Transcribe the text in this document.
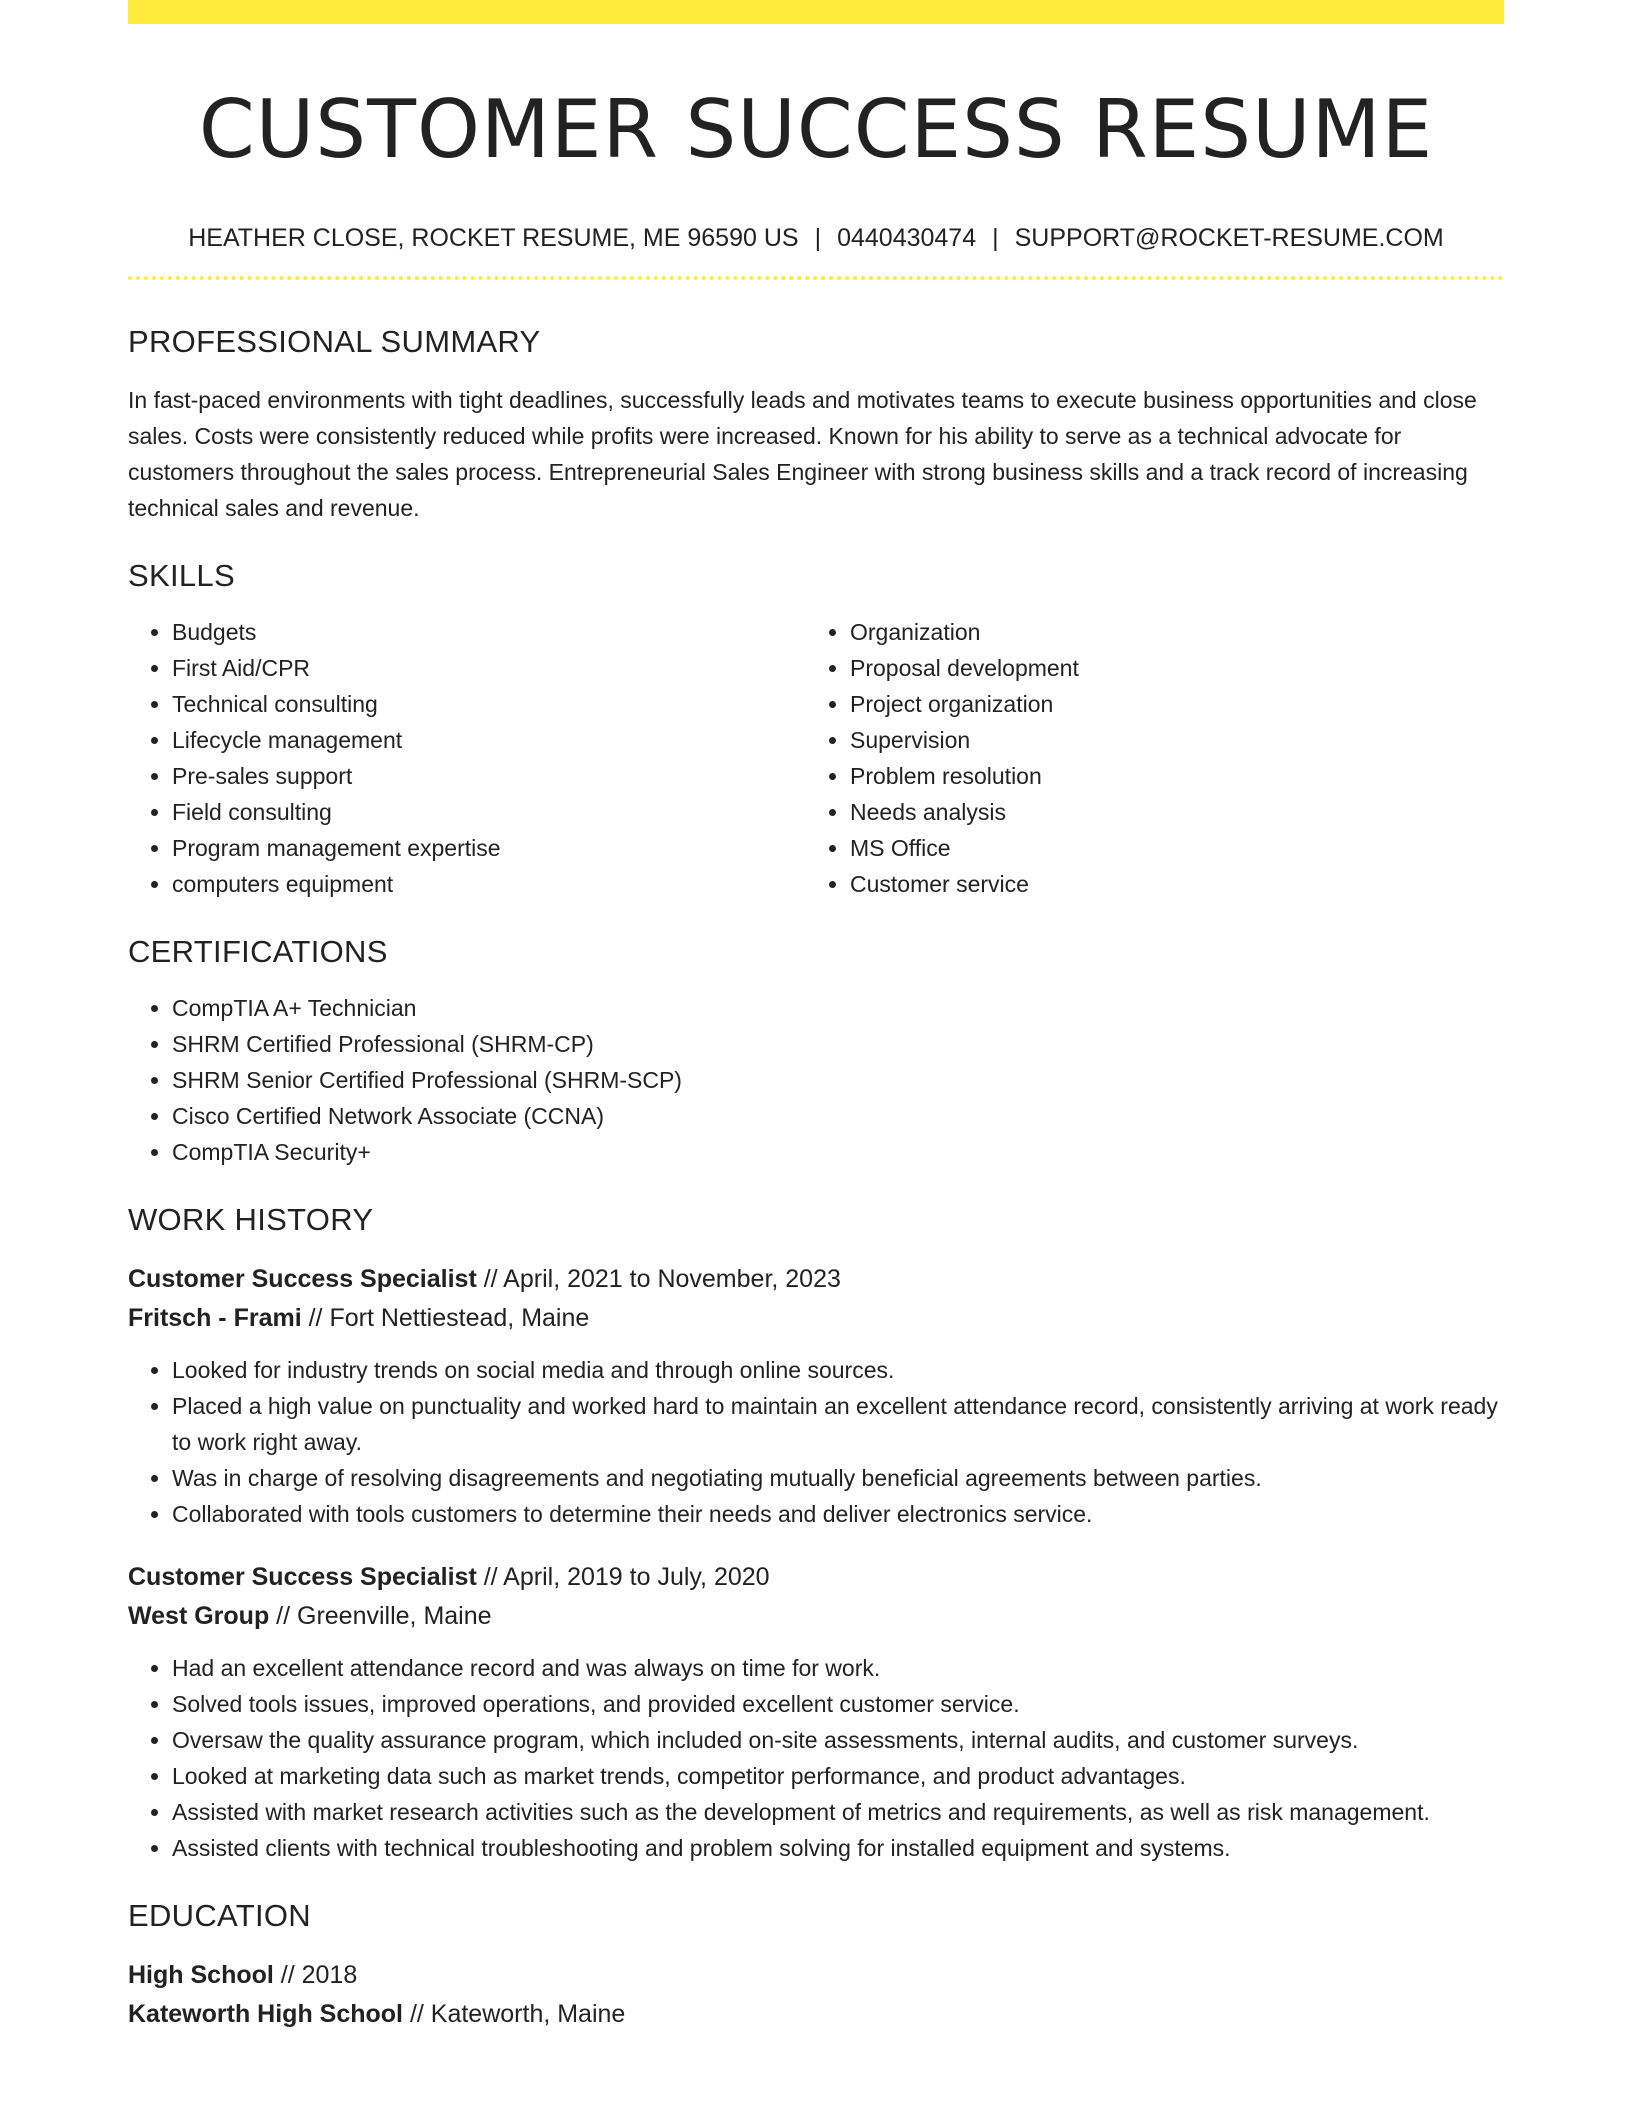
CUSTOMER SUCCESS RESUME
HEATHER CLOSE, ROCKET RESUME, ME 96590 US | 0440430474 | SUPPORT@ROCKET-RESUME.COM
PROFESSIONAL SUMMARY

In fast-paced environments with tight deadlines, successfully leads and motivates teams to execute business opportunities and close sales. Costs were consistently reduced while profits were increased. Known for his ability to serve as a technical advocate for customers throughout the sales process. Entrepreneurial Sales Engineer with strong business skills and a track record of increasing technical sales and revenue.

SKILLS
• Budgets
• First Aid/CPR
• Technical consulting
• Lifecycle management
• Pre-sales support
• Field consulting
• Program management expertise
• computers equipment
• Organization
• Proposal development
• Project organization
• Supervision
• Problem resolution
• Needs analysis
• MS Office
• Customer service
CERTIFICATIONS
• CompTIA A+ Technician
• SHRM Certified Professional (SHRM-CP)
• SHRM Senior Certified Professional (SHRM-SCP)
• Cisco Certified Network Associate (CCNA)
• CompTIA Security+
WORK HISTORY
Customer Success Specialist // April, 2021 to November, 2023
Fritsch - Frami // Fort Nettiestead, Maine
• Looked for industry trends on social media and through online sources.
• Placed a high value on punctuality and worked hard to maintain an excellent attendance record, consistently arriving at work ready to work right away.
• Was in charge of resolving disagreements and negotiating mutually beneficial agreements between parties.
• Collaborated with tools customers to determine their needs and deliver electronics service.
Customer Success Specialist // April, 2019 to July, 2020
West Group // Greenville, Maine
• Had an excellent attendance record and was always on time for work.
• Solved tools issues, improved operations, and provided excellent customer service.
• Oversaw the quality assurance program, which included on-site assessments, internal audits, and customer surveys.
• Looked at marketing data such as market trends, competitor performance, and product advantages.
• Assisted with market research activities such as the development of metrics and requirements, as well as risk management.
• Assisted clients with technical troubleshooting and problem solving for installed equipment and systems.
EDUCATION
High School // 2018
Kateworth High School // Kateworth, Maine
